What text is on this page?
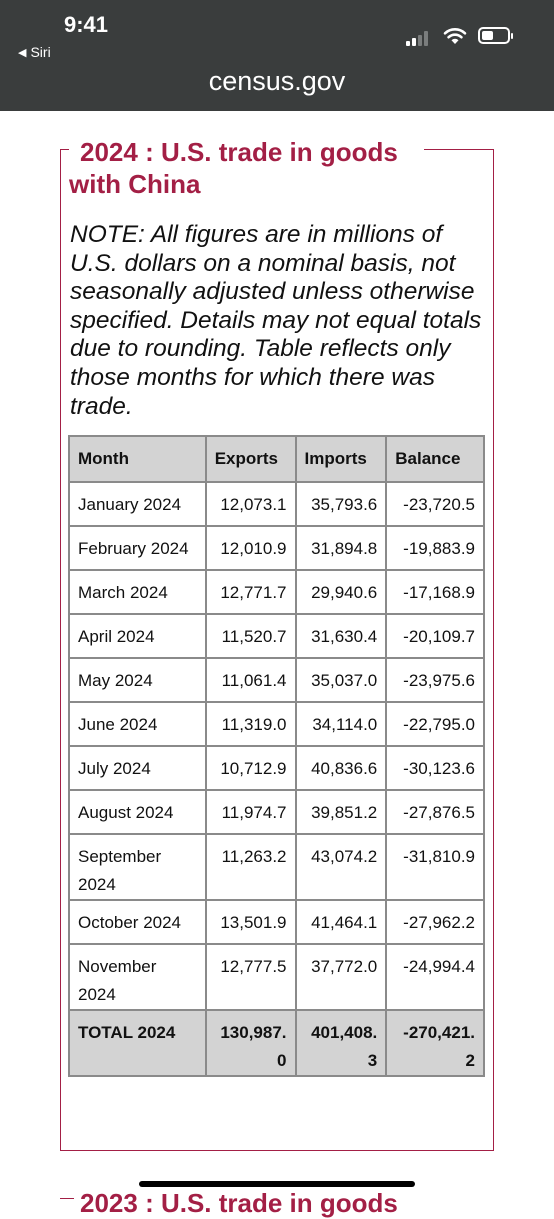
9:41
◀ Siri
census.gov
2024 : U.S. trade in goods
with China
NOTE: All figures are in millions of U.S. dollars on a nominal basis, not seasonally adjusted unless otherwise specified. Details may not equal totals due to rounding. Table reflects only those months for which there was trade.
Month	Exports	Imports	Balance
January 2024	12,073.1	35,793.6	-23,720.5
February 2024	12,010.9	31,894.8	-19,883.9
March 2024	12,771.7	29,940.6	-17,168.9
April 2024	11,520.7	31,630.4	-20,109.7
May 2024	11,061.4	35,037.0	-23,975.6
June 2024	11,319.0	34,114.0	-22,795.0
July 2024	10,712.9	40,836.6	-30,123.6
August 2024	11,974.7	39,851.2	-27,876.5
September 2024	11,263.2	43,074.2	-31,810.9
October 2024	13,501.9	41,464.1	-27,962.2
November 2024	12,777.5	37,772.0	-24,994.4
TOTAL 2024	130,987.0	401,408.3	-270,421.2
2023 : U.S. trade in goods
